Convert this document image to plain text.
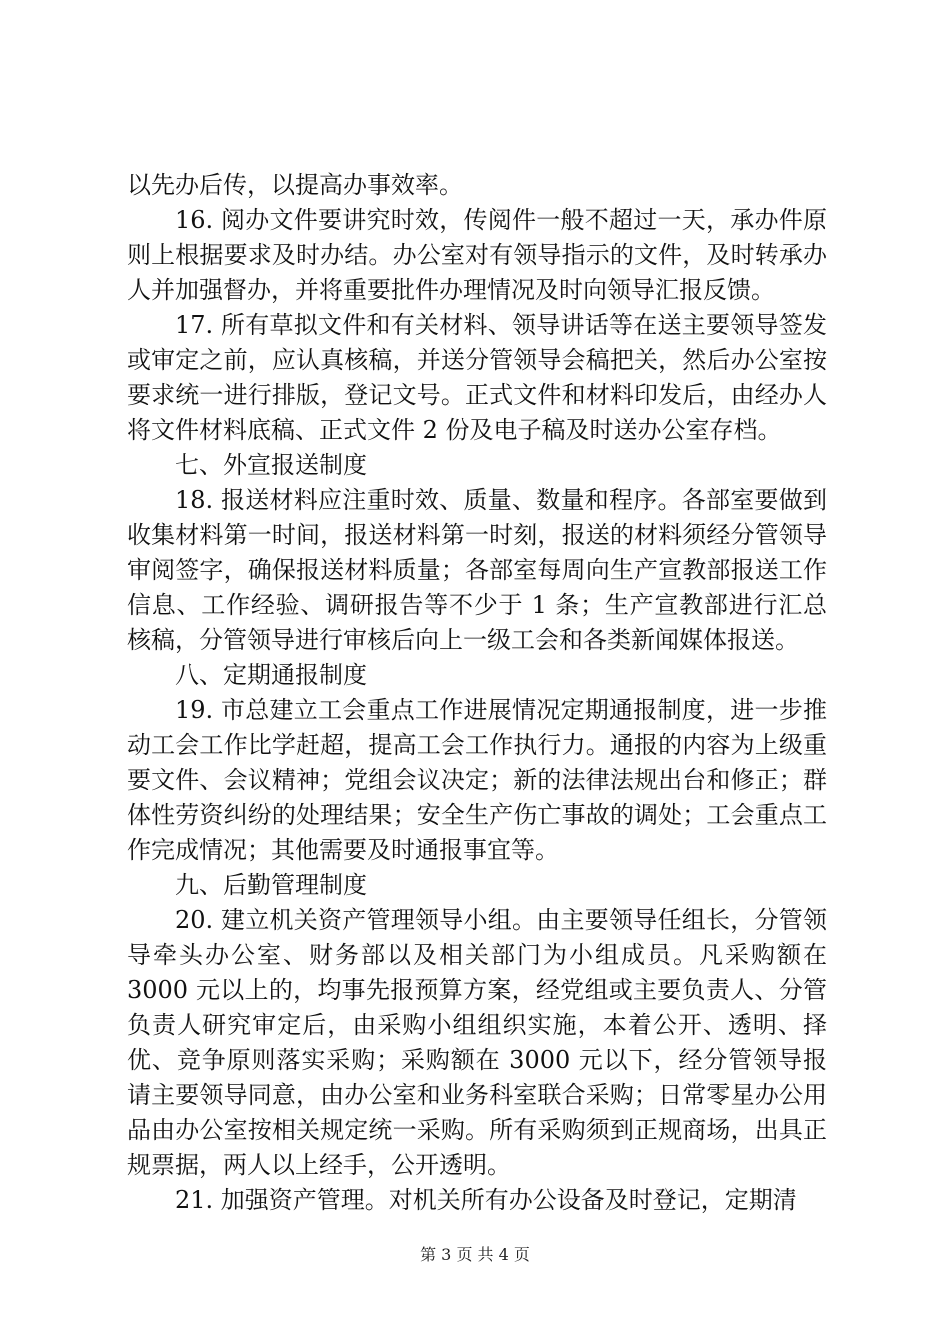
以先办后传，以提高办事效率。

16. 阅办文件要讲究时效，传阅件一般不超过一天，承办件原则上根据要求及时办结。办公室对有领导指示的文件，及时转承办人并加强督办，并将重要批件办理情况及时向领导汇报反馈。

17. 所有草拟文件和有关材料、领导讲话等在送主要领导签发或审定之前，应认真核稿，并送分管领导会稿把关，然后办公室按要求统一进行排版，登记文号。正式文件和材料印发后，由经办人将文件材料底稿、正式文件 2 份及电子稿及时送办公室存档。

七、外宣报送制度

18. 报送材料应注重时效、质量、数量和程序。各部室要做到收集材料第一时间，报送材料第一时刻，报送的材料须经分管领导审阅签字，确保报送材料质量；各部室每周向生产宣教部报送工作信息、工作经验、调研报告等不少于 1 条；生产宣教部进行汇总核稿，分管领导进行审核后向上一级工会和各类新闻媒体报送。

八、定期通报制度

19. 市总建立工会重点工作进展情况定期通报制度，进一步推动工会工作比学赶超，提高工会工作执行力。通报的内容为上级重要文件、会议精神；党组会议决定；新的法律法规出台和修正；群体性劳资纠纷的处理结果；安全生产伤亡事故的调处；工会重点工作完成情况；其他需要及时通报事宜等。

九、后勤管理制度

20. 建立机关资产管理领导小组。由主要领导任组长，分管领导牵头办公室、财务部以及相关部门为小组成员。凡采购额在 3000 元以上的，均事先报预算方案，经党组或主要负责人、分管负责人研究审定后，由采购小组组织实施，本着公开、透明、择优、竞争原则落实采购；采购额在 3000 元以下，经分管领导报请主要领导同意，由办公室和业务科室联合采购；日常零星办公用品由办公室按相关规定统一采购。所有采购须到正规商场，出具正规票据，两人以上经手，公开透明。

21. 加强资产管理。对机关所有办公设备及时登记，定期清

第 3 页 共 4 页
